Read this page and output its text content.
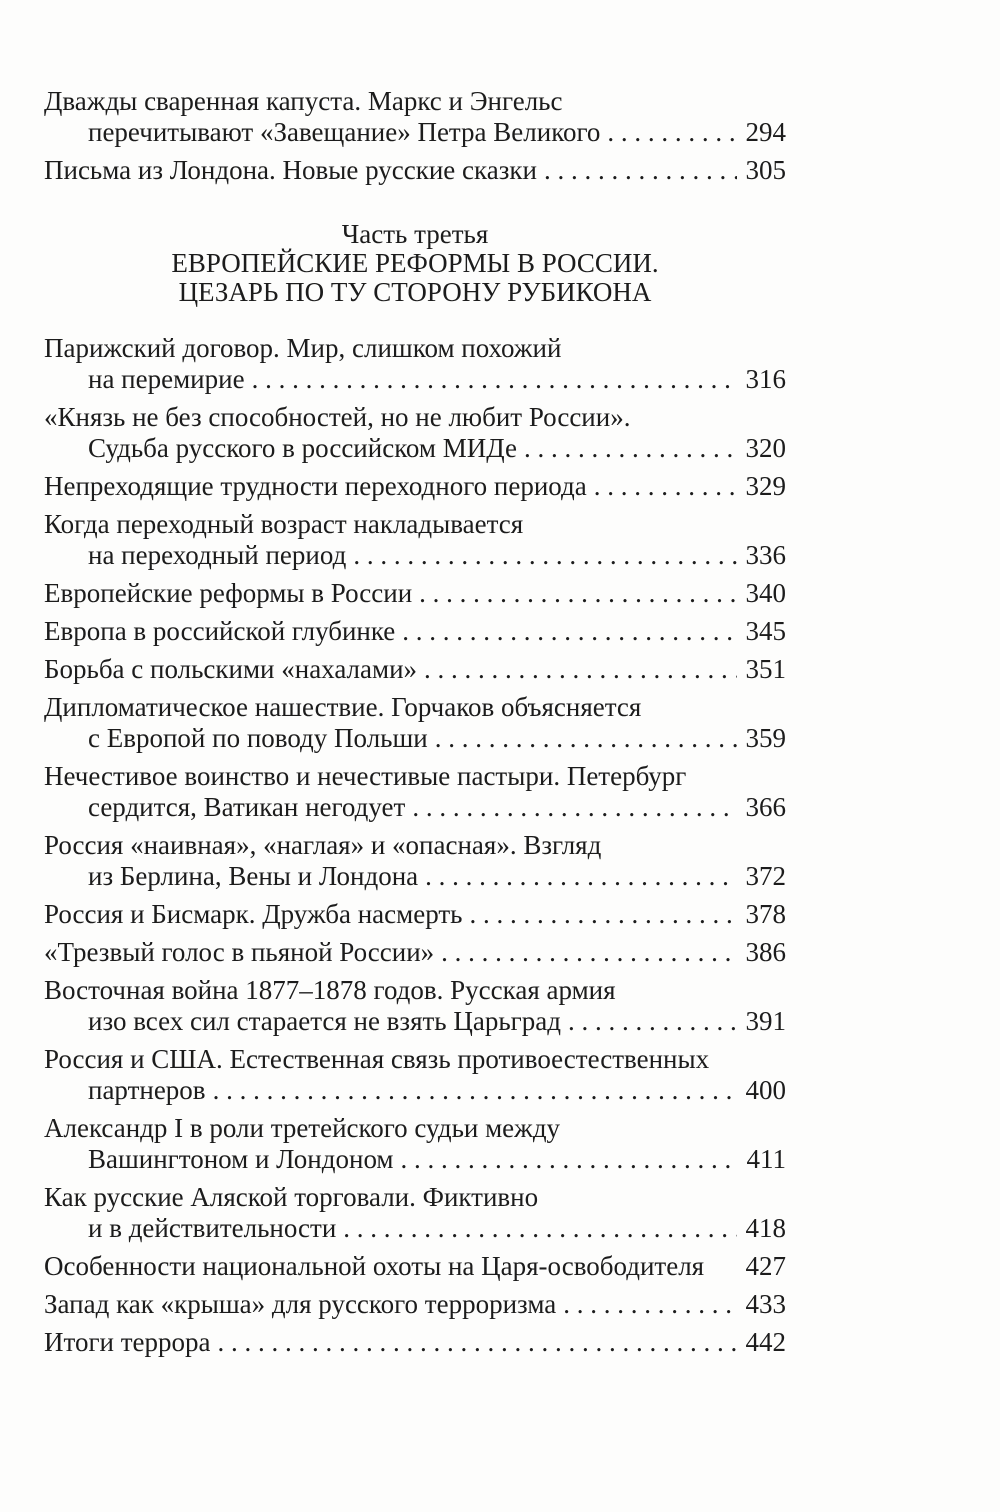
Дважды сваренная капуста. Маркс и Энгельс
перечитывают «Завещание» Петра Великого . . .	294
Письма из Лондона. Новые русские сказки . . .	305
Часть третья
ЕВРОПЕЙСКИЕ РЕФОРМЫ В РОССИИ.
ЦЕЗАРЬ ПО ТУ СТОРОНУ РУБИКОНА
Парижский договор. Мир, слишком похожий
на перемирие . . .	316
«Князь не без способностей, но не любит России».
Судьба русского в российском МИДе . . .	320
Непреходящие трудности переходного периода . . .	329
Когда переходный возраст накладывается
на переходный период . . .	336
Европейские реформы в России . . .	340
Европа в российской глубинке . . .	345
Борьба с польскими «нахалами» . . .	351
Дипломатическое нашествие. Горчаков объясняется
с Европой по поводу Польши . . .	359
Нечестивое воинство и нечестивые пастыри. Петербург
сердится, Ватикан негодует . . .	366
Россия «наивная», «наглая» и «опасная». Взгляд
из Берлина, Вены и Лондона . . .	372
Россия и Бисмарк. Дружба насмерть . . .	378
«Трезвый голос в пьяной России» . . .	386
Восточная война 1877–1878 годов. Русская армия
изо всех сил старается не взять Царьград . . .	391
Россия и США. Естественная связь противоестественных
партнеров . . .	400
Александр I в роли третейского судьи между
Вашингтоном и Лондоном . . .	411
Как русские Аляской торговали. Фиктивно
и в действительности . . .	418
Особенности национальной охоты на Царя-освободителя 427
Запад как «крыша» для русского терроризма . . .	433
Итоги террора . . .	442
